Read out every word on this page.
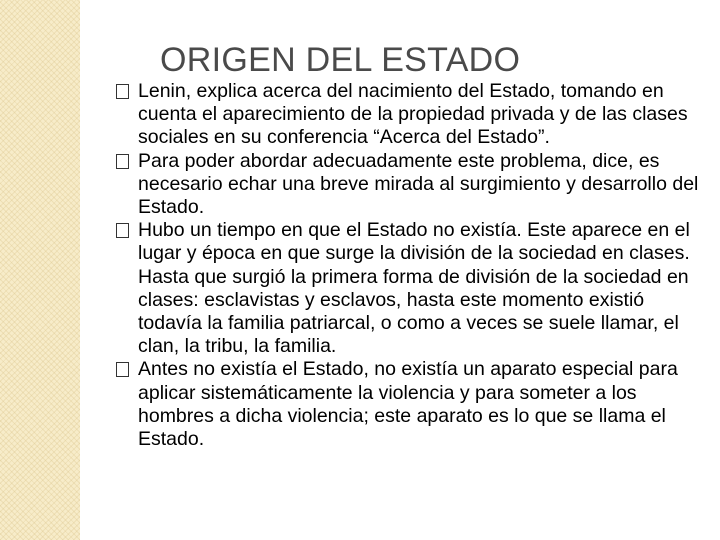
ORIGEN DEL ESTADO
Lenin, explica acerca del nacimiento del Estado, tomando en cuenta el aparecimiento de la propiedad privada y de las clases sociales en su conferencia “Acerca del Estado”.
Para poder abordar adecuadamente este problema, dice, es necesario echar una breve mirada al surgimiento y desarrollo del Estado.
Hubo un tiempo en que el Estado no existía. Este aparece en el lugar y época en que surge la división de la sociedad en clases. Hasta que surgió la primera forma de división de la sociedad en clases: esclavistas y esclavos, hasta este momento existió todavía la familia patriarcal, o como a veces se suele llamar, el clan, la tribu, la familia.
Antes no existía el Estado, no existía un aparato especial para aplicar sistemáticamente la violencia y para someter a los hombres a dicha violencia; este aparato es lo que se llama el Estado.
